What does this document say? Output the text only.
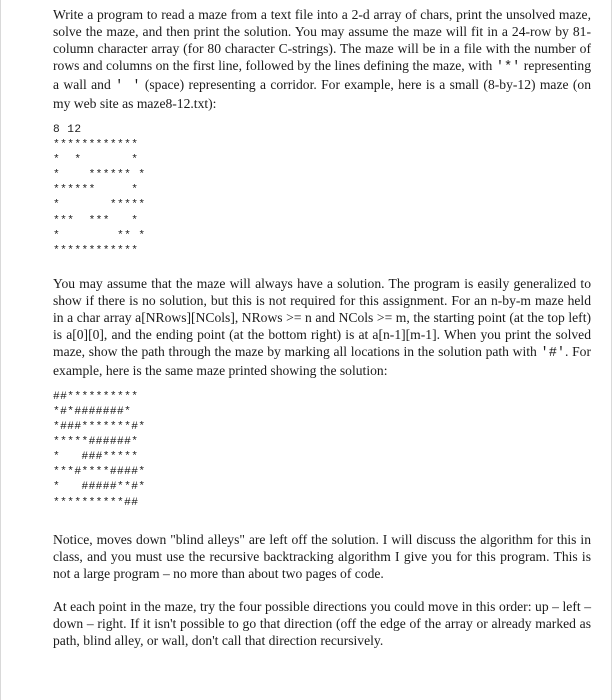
Write a program to read a maze from a text file into a 2-d array of chars, print the unsolved maze, solve the maze, and then print the solution. You may assume the maze will fit in a 24-row by 81-column character array (for 80 character C-strings). The maze will be in a file with the number of rows and columns on the first line, followed by the lines defining the maze, with '*' representing a wall and ' ' (space) representing a corridor. For example, here is a small (8-by-12) maze (on my web site as maze8-12.txt):

8 12
************
*  *       *
*    ****** *
******     *
*       *****
***  ***   *
*        ** *
************

You may assume that the maze will always have a solution. The program is easily generalized to show if there is no solution, but this is not required for this assignment. For an n-by-m maze held in a char array a[NRows][NCols], NRows >= n and NCols >= m, the starting point (at the top left) is a[0][0], and the ending point (at the bottom right) is at a[n-1][m-1]. When you print the solved maze, show the path through the maze by marking all locations in the solution path with '#'. For example, here is the same maze printed showing the solution:

##**********
*#*#######*
*###*******#*
*****######*
*   ###*****
***#****####*
*   #####**#*
**********##

Notice, moves down "blind alleys" are left off the solution. I will discuss the algorithm for this in class, and you must use the recursive backtracking algorithm I give you for this program. This is not a large program – no more than about two pages of code.

At each point in the maze, try the four possible directions you could move in this order: up – left – down – right. If it isn't possible to go that direction (off the edge of the array or already marked as path, blind alley, or wall, don't call that direction recursively.
